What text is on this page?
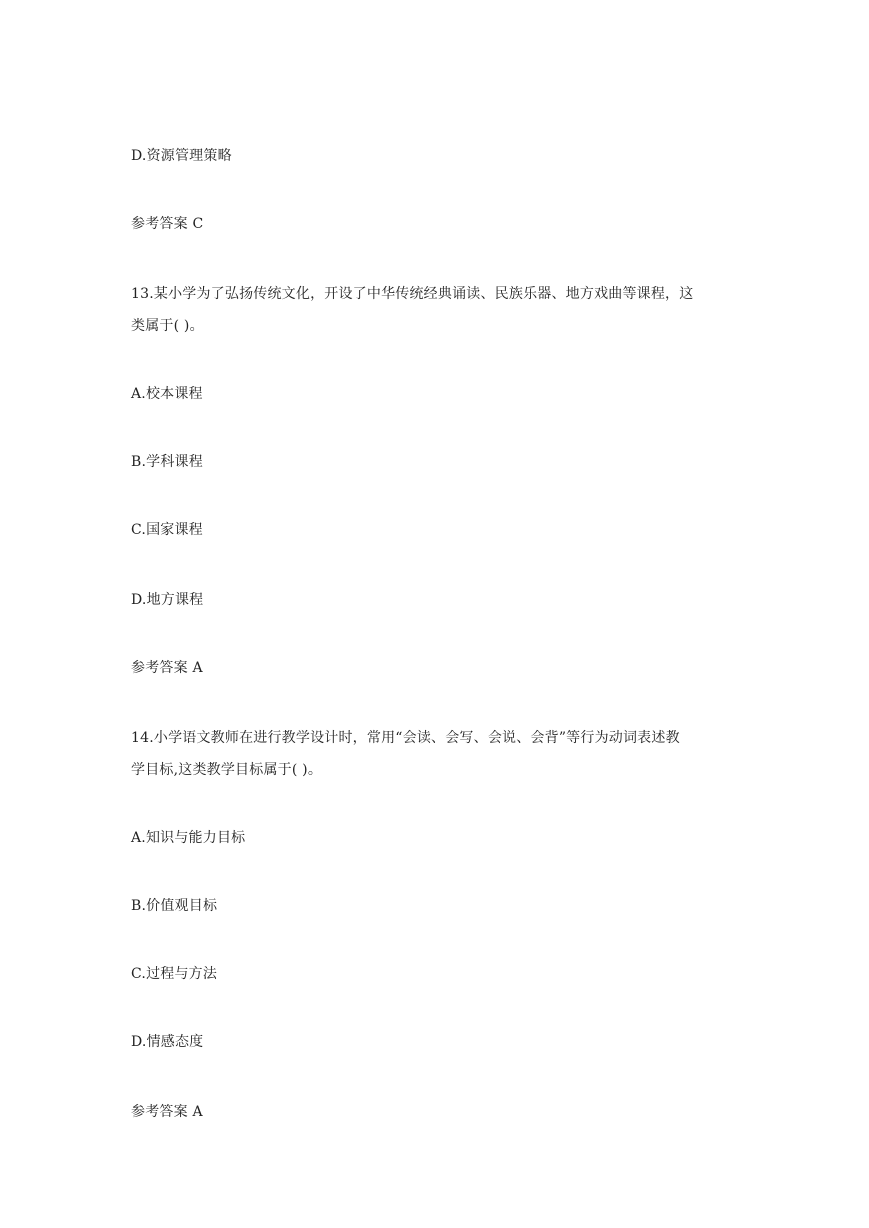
D.资源管理策略
参考答案 C
13.某小学为了弘扬传统文化，开设了中华传统经典诵读、民族乐器、地方戏曲等课程，这
类属于( )。
A.校本课程
B.学科课程
C.国家课程
D.地方课程
参考答案 A
14.小学语文教师在进行教学设计时，常用“会读、会写、会说、会背”等行为动词表述教
学目标,这类教学目标属于( )。
A.知识与能力目标
B.价值观目标
C.过程与方法
D.情感态度
参考答案 A
